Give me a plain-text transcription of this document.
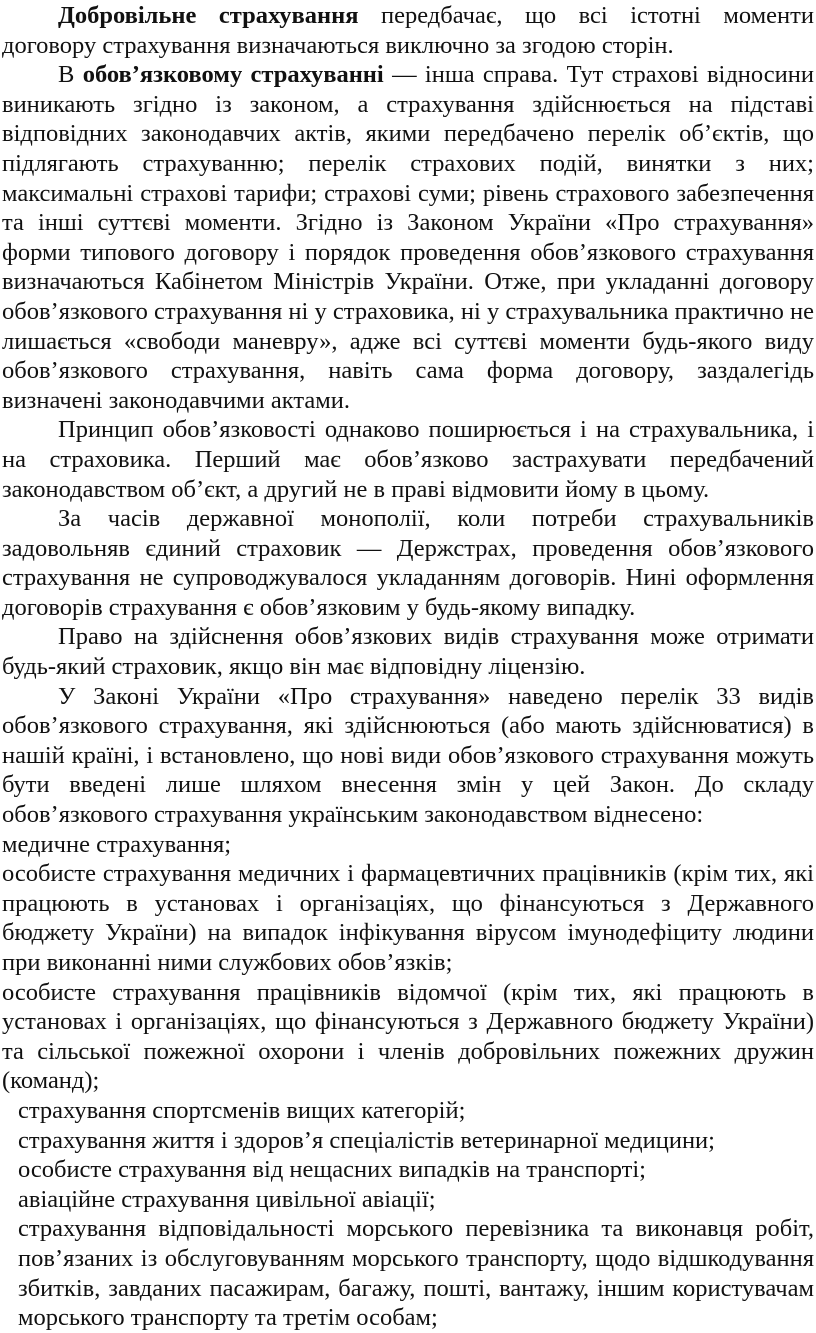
Добровільне страхування передбачає, що всі істотні моменти договору страхування визначаються виключно за згодою сторін.

В обов’язковому страхуванні — інша справа. Тут страхові відносини виникають згідно із законом, а страхування здійснюється на підставі відповідних законодавчих актів, якими передбачено перелік об’єктів, що підлягають страхуванню; перелік страхових подій, винятки з них; максимальні страхові тарифи; страхові суми; рівень страхового забезпечення та інші суттєві моменти. Згідно із Законом України «Про страхування» форми типового договору і порядок проведення обов’язкового страхування визначаються Кабінетом Міністрів України. Отже, при укладанні договору обов’язкового страхування ні у страховика, ні у страхувальника практично не лишається «свободи маневру», адже всі суттєві моменти будь-якого виду обов’язкового страхування, навіть сама форма договору, заздалегідь визначені законодавчими актами.

Принцип обов’язковості однаково поширюється і на страхувальника, і на страховика. Перший має обов’язково застрахувати передбачений законодавством об’єкт, а другий не в праві відмовити йому в цьому.

За часів державної монополії, коли потреби страхувальників задовольняв єдиний страховик — Держстрах, проведення обов’язкового страхування не супроводжувалося укладанням договорів. Нині оформлення договорів страхування є обов’язковим у будь-якому випадку.

Право на здійснення обов’язкових видів страхування може отримати будь-який страховик, якщо він має відповідну ліцензію.

У Законі України «Про страхування» наведено перелік 33 видів обов’язкового страхування, які здійснюються (або мають здійснюватися) в нашій країні, і встановлено, що нові види обов’язкового страхування можуть бути введені лише шляхом внесення змін у цей Закон. До складу обов’язкового страхування українським законодавством віднесено:

медичне страхування;

особисте страхування медичних і фармацевтичних працівників (крім тих, які працюють в установах і організаціях, що фінансуються з Державного бюджету України) на випадок інфікування вірусом імунодефіциту людини при виконанні ними службових обов’язків;

особисте страхування працівників відомчої (крім тих, які працюють в установах і організаціях, що фінансуються з Державного бюджету України) та сільської пожежної охорони і членів добровільних пожежних дружин (команд);

страхування спортсменів вищих категорій;

страхування життя і здоров’я спеціалістів ветеринарної медицини;

особисте страхування від нещасних випадків на транспорті;

авіаційне страхування цивільної авіації;

страхування відповідальності морського перевізника та виконавця робіт, пов’язаних із обслуговуванням морського транспорту, щодо відшкодування збитків, завданих пасажирам, багажу, пошті, вантажу, іншим користувачам морського транспорту та третім особам;
